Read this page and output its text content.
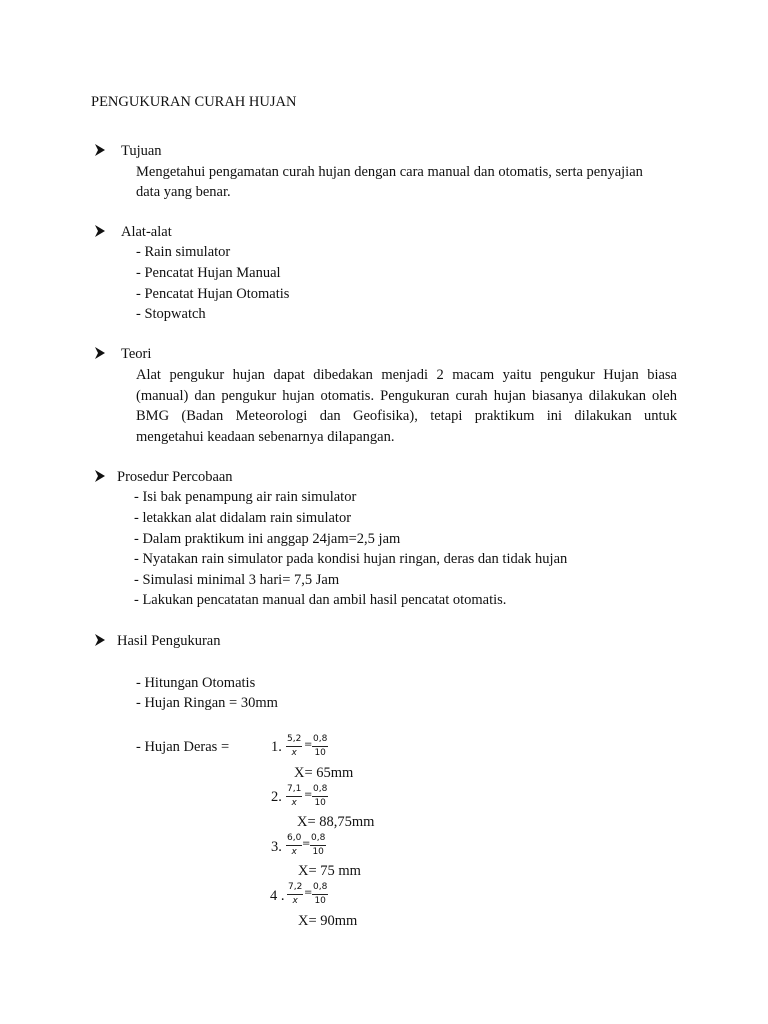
PENGUKURAN CURAH HUJAN
Tujuan
Mengetahui pengamatan curah hujan dengan cara manual dan otomatis, serta penyajian
data yang benar.
Alat-alat
- Rain simulator
- Pencatat Hujan Manual
- Pencatat Hujan Otomatis
- Stopwatch
Teori
Alat pengukur hujan dapat dibedakan menjadi 2 macam yaitu pengukur Hujan biasa
(manual) dan pengukur hujan otomatis. Pengukuran curah hujan biasanya dilakukan oleh
BMG (Badan Meteorologi dan Geofisika), tetapi praktikum ini dilakukan untuk
mengetahui keadaan sebenarnya dilapangan.
Prosedur Percobaan
- Isi bak penampung air rain simulator
- letakkan alat didalam rain simulator
- Dalam praktikum ini anggap 24jam=2,5 jam
- Nyatakan rain simulator pada kondisi hujan ringan, deras dan tidak hujan
- Simulasi minimal 3 hari= 7,5 Jam
- Lakukan pencatatan manual dan ambil hasil pencatat otomatis.
Hasil Pengukuran
- Hitungan Otomatis
- Hujan Ringan = 30mm
- Hujan Deras =	1. $\frac{5,2}{x} = \frac{0,8}{10}$
X= 65mm
2. $\frac{7,1}{x} = \frac{0,8}{10}$
X= 88,75mm
3. $\frac{6,0}{x} = \frac{0,8}{10}$
X= 75 mm
4 . $\frac{7,2}{x} = \frac{0,8}{10}$
X= 90mm
